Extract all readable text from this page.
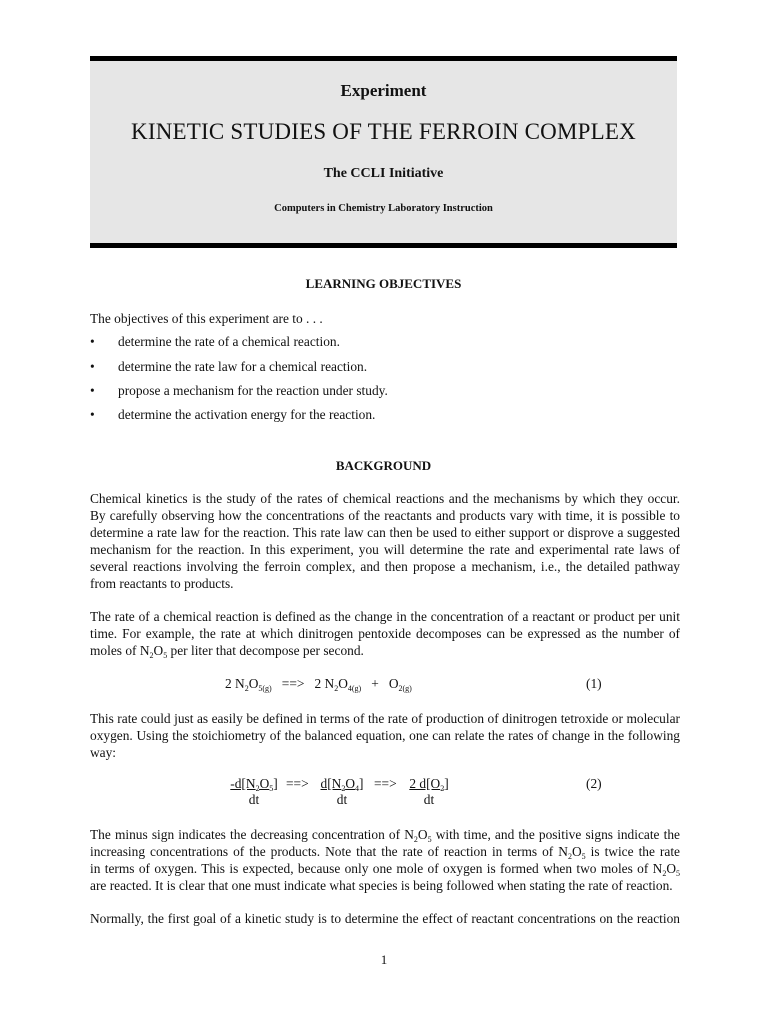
Experiment
KINETIC STUDIES OF THE FERROIN COMPLEX
The CCLI Initiative
Computers in Chemistry Laboratory Instruction
LEARNING OBJECTIVES
The objectives of this experiment are to . . .
• determine the rate of a chemical reaction.
• determine the rate law for a chemical reaction.
• propose a mechanism for the reaction under study.
• determine the activation energy for the reaction.
BACKGROUND
Chemical kinetics is the study of the rates of chemical reactions and the mechanisms by which they occur.
By carefully observing how the concentrations of the reactants and products vary with time, it is possible to
determine a rate law for the reaction. This rate law can then be used to either support or disprove a suggested
mechanism for the reaction. In this experiment, you will determine the rate and experimental rate laws of
several reactions involving the ferroin complex, and then propose a mechanism, i.e., the detailed pathway
from reactants to products.
The rate of a chemical reaction is defined as the change in the concentration of a reactant or product per unit
time. For example, the rate at which dinitrogen pentoxide decomposes can be expressed as the number of
moles of $N_2O_5$ per liter that decompose per second.
2 $N_2O_{5(g)}$ ==> 2 $N_2O_{4(g)} + O_{2(g)}$	(1)
This rate could just as easily be defined in terms of the rate of production of dinitrogen tetroxide or molecular
oxygen. Using the stoichiometry of the balanced equation, one can relate the rates of change in the following
way:
$\frac{-d[N_2O_5]}{dt}$ ==> $\frac{d[N_2O_4]}{dt}$ ==> $\frac{2 d[O_2]}{dt}$	(2)
The minus sign indicates the decreasing concentration of $N_2O_5$ with time, and the positive signs indicate the
increasing concentrations of the products. Note that the rate of reaction in terms of $N_2O_5$ is twice the rate
in terms of oxygen. This is expected, because only one mole of oxygen is formed when two moles of $N_2O_5$
are reacted. It is clear that one must indicate what species is being followed when stating the rate of reaction.
Normally, the first goal of a kinetic study is to determine the effect of reactant concentrations on the reaction
1
